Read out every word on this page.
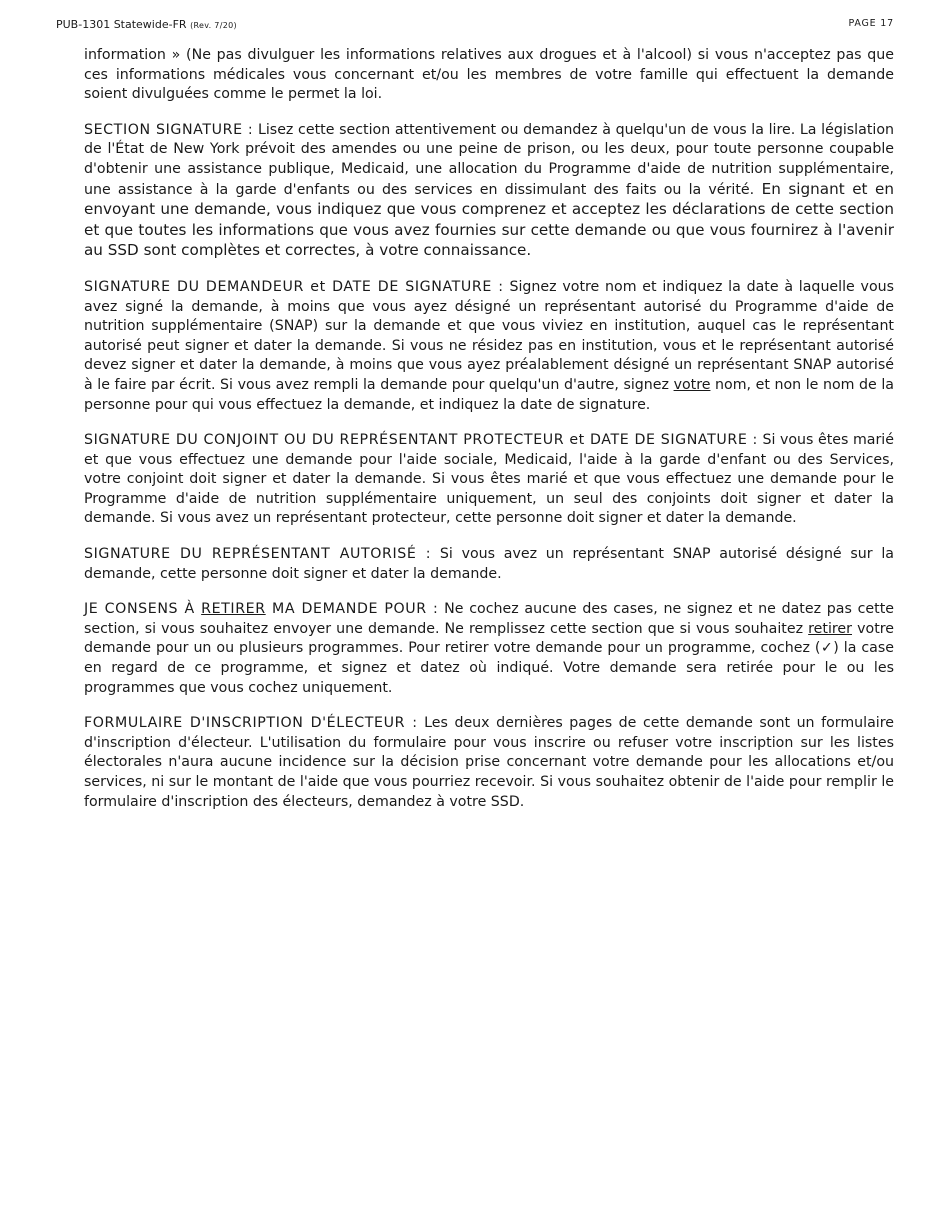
PUB-1301 Statewide-FR (Rev. 7/20)	PAGE 17

information » (Ne pas divulguer les informations relatives aux drogues et à l'alcool) si vous n'acceptez pas que ces informations médicales vous concernant et/ou les membres de votre famille qui effectuent la demande soient divulguées comme le permet la loi.

SECTION SIGNATURE : Lisez cette section attentivement ou demandez à quelqu'un de vous la lire. La législation de l'État de New York prévoit des amendes ou une peine de prison, ou les deux, pour toute personne coupable d'obtenir une assistance publique, Medicaid, une allocation du Programme d'aide de nutrition supplémentaire, une assistance à la garde d'enfants ou des services en dissimulant des faits ou la vérité. En signant et en envoyant une demande, vous indiquez que vous comprenez et acceptez les déclarations de cette section et que toutes les informations que vous avez fournies sur cette demande ou que vous fournirez à l'avenir au SSD sont complètes et correctes, à votre connaissance.

SIGNATURE DU DEMANDEUR et DATE DE SIGNATURE : Signez votre nom et indiquez la date à laquelle vous avez signé la demande, à moins que vous ayez désigné un représentant autorisé du Programme d'aide de nutrition supplémentaire (SNAP) sur la demande et que vous viviez en institution, auquel cas le représentant autorisé peut signer et dater la demande. Si vous ne résidez pas en institution, vous et le représentant autorisé devez signer et dater la demande, à moins que vous ayez préalablement désigné un représentant SNAP autorisé à le faire par écrit. Si vous avez rempli la demande pour quelqu'un d'autre, signez votre nom, et non le nom de la personne pour qui vous effectuez la demande, et indiquez la date de signature.

SIGNATURE DU CONJOINT OU DU REPRÉSENTANT PROTECTEUR et DATE DE SIGNATURE : Si vous êtes marié et que vous effectuez une demande pour l'aide sociale, Medicaid, l'aide à la garde d'enfant ou des Services, votre conjoint doit signer et dater la demande. Si vous êtes marié et que vous effectuez une demande pour le Programme d'aide de nutrition supplémentaire uniquement, un seul des conjoints doit signer et dater la demande. Si vous avez un représentant protecteur, cette personne doit signer et dater la demande.

SIGNATURE DU REPRÉSENTANT AUTORISÉ : Si vous avez un représentant SNAP autorisé désigné sur la demande, cette personne doit signer et dater la demande.

JE CONSENS À RETIRER MA DEMANDE POUR : Ne cochez aucune des cases, ne signez et ne datez pas cette section, si vous souhaitez envoyer une demande. Ne remplissez cette section que si vous souhaitez retirer votre demande pour un ou plusieurs programmes. Pour retirer votre demande pour un programme, cochez (✓) la case en regard de ce programme, et signez et datez où indiqué. Votre demande sera retirée pour le ou les programmes que vous cochez uniquement.

FORMULAIRE D'INSCRIPTION D'ÉLECTEUR : Les deux dernières pages de cette demande sont un formulaire d'inscription d'électeur. L'utilisation du formulaire pour vous inscrire ou refuser votre inscription sur les listes électorales n'aura aucune incidence sur la décision prise concernant votre demande pour les allocations et/ou services, ni sur le montant de l'aide que vous pourriez recevoir. Si vous souhaitez obtenir de l'aide pour remplir le formulaire d'inscription des électeurs, demandez à votre SSD.
